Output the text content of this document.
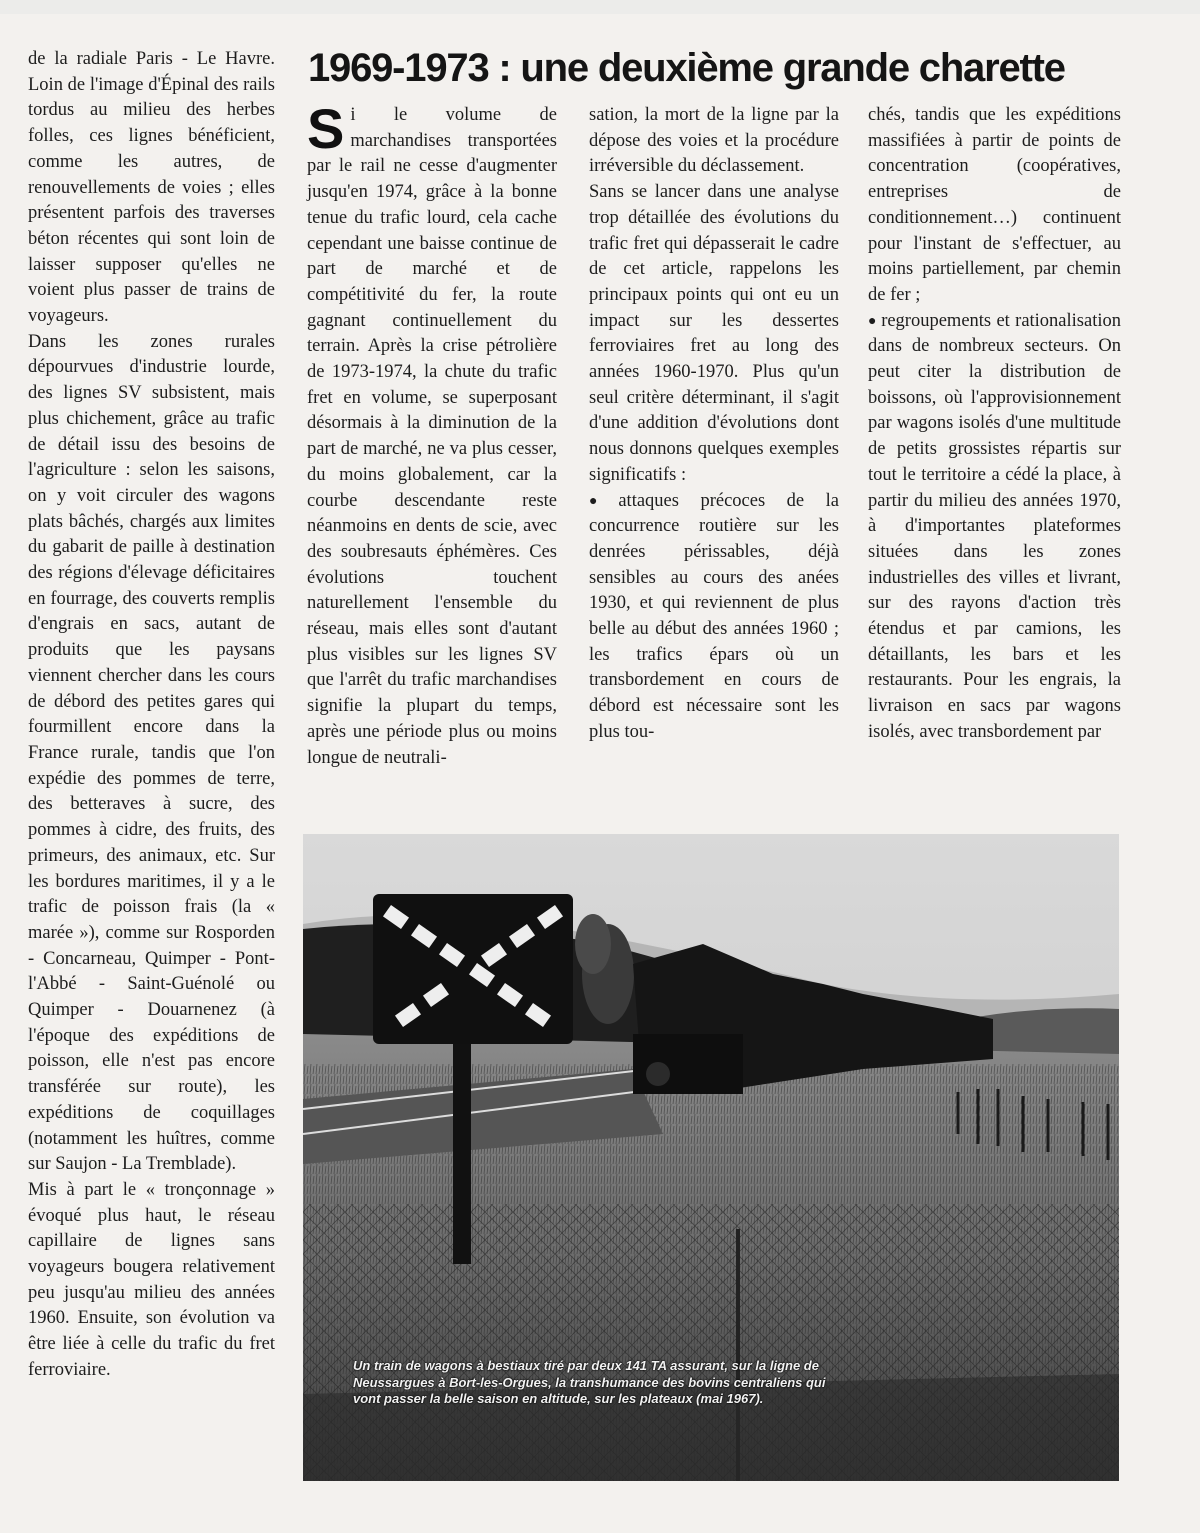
de la radiale Paris - Le Havre. Loin de l'image d'Épinal des rails tordus au milieu des herbes folles, ces lignes bénéficient, comme les autres, de renouvellements de voies ; elles présentent parfois des traverses béton récentes qui sont loin de laisser supposer qu'elles ne voient plus passer de trains de voyageurs.

Dans les zones rurales dépourvues d'industrie lourde, des lignes SV subsistent, mais plus chichement, grâce au trafic de détail issu des besoins de l'agriculture : selon les saisons, on y voit circuler des wagons plats bâchés, chargés aux limites du gabarit de paille à destination des régions d'élevage déficitaires en fourrage, des couverts remplis d'engrais en sacs, autant de produits que les paysans viennent chercher dans les cours de débord des petites gares qui fourmillent encore dans la France rurale, tandis que l'on expédie des pommes de terre, des betteraves à sucre, des pommes à cidre, des fruits, des primeurs, des animaux, etc. Sur les bordures maritimes, il y a le trafic de poisson frais (la « marée »), comme sur Rosporden - Concarneau, Quimper - Pont-l'Abbé - Saint-Guénolé ou Quimper - Douarnenez (à l'époque des expéditions de poisson, elle n'est pas encore transférée sur route), les expéditions de coquillages (notamment les huîtres, comme sur Saujon - La Tremblade).

Mis à part le « tronçonnage » évoqué plus haut, le réseau capillaire de lignes sans voyageurs bougera relativement peu jusqu'au milieu des années 1960. Ensuite, son évolution va être liée à celle du trafic du fret ferroviaire.

1969-1973 : une deuxième grande charette
S i le volume de marchandises transportées par le rail ne cesse d'augmenter jusqu'en 1974, grâce à la bonne tenue du trafic lourd, cela cache cependant une baisse continue de part de marché et de compétitivité du fer, la route gagnant continuellement du terrain. Après la crise pétrolière de 1973-1974, la chute du trafic fret en volume, se superposant désormais à la diminution de la part de marché, ne va plus cesser, du moins globalement, car la courbe descendante reste néanmoins en dents de scie, avec des soubresauts éphémères. Ces évolutions touchent naturellement l'ensemble du réseau, mais elles sont d'autant plus visibles sur les lignes SV que l'arrêt du trafic marchandises signifie la plupart du temps, après une période plus ou moins longue de neutrali-

sation, la mort de la ligne par la dépose des voies et la procédure irréversible du déclassement.

Sans se lancer dans une analyse trop détaillée des évolutions du trafic fret qui dépasserait le cadre de cet article, rappelons les principaux points qui ont eu un impact sur les dessertes ferroviaires fret au long des années 1960-1970. Plus qu'un seul critère déterminant, il s'agit d'une addition d'évolutions dont nous donnons quelques exemples significatifs :

● attaques précoces de la concurrence routière sur les denrées périssables, déjà sensibles au cours des anées 1930, et qui reviennent de plus belle au début des années 1960 ; les trafics épars où un transbordement en cours de débord est nécessaire sont les plus tou-

chés, tandis que les expéditions massifiées à partir de points de concentration (coopératives, entreprises de conditionnement…) continuent pour l'instant de s'effectuer, au moins partiellement, par chemin de fer ;

● regroupements et rationalisation dans de nombreux secteurs. On peut citer la distribution de boissons, où l'approvisionnement par wagons isolés d'une multitude de petits grossistes répartis sur tout le territoire a cédé la place, à partir du milieu des années 1970, à d'importantes plateformes situées dans les zones industrielles des villes et livrant, sur des rayons d'action très étendus et par camions, les détaillants, les bars et les restaurants. Pour les engrais, la livraison en sacs par wagons isolés, avec transbordement par

Un train de wagons à bestiaux tiré par deux 141 TA assurant, sur la ligne de Neussargues à Bort-les-Orgues, la transhumance des bovins centraliens qui vont passer la belle saison en altitude, sur les plateaux (mai 1967).
